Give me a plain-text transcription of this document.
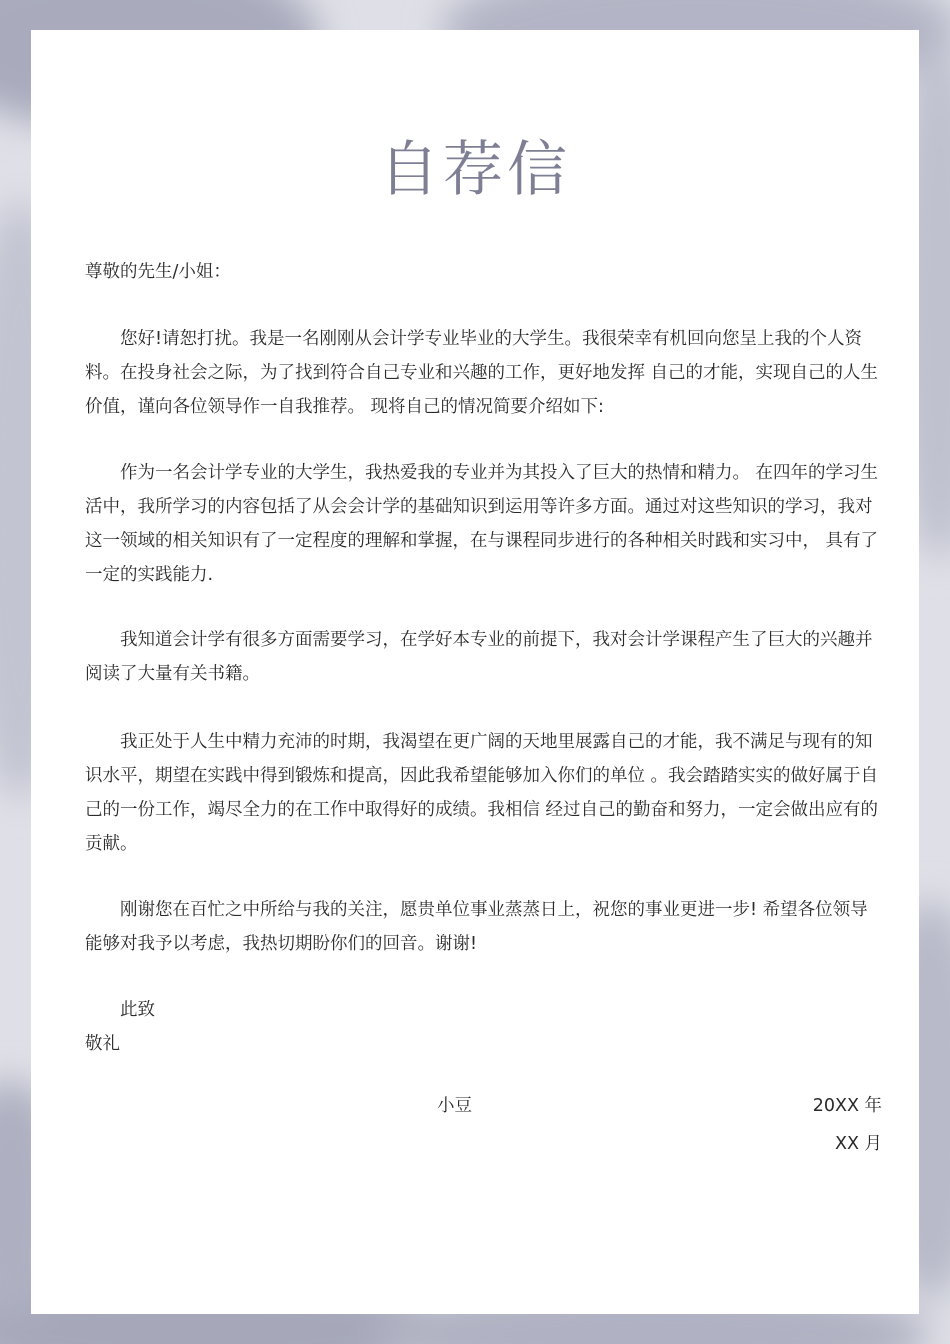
自荐信
尊敬的先生/小姐：

您好!请恕打扰。我是一名刚刚从会计学专业毕业的大学生。我很荣幸有机回向您呈上我的个人资料。在投身社会之际，为了找到符合自己专业和兴趣的工作，更好地发挥 自己的才能，实现自己的人生价值，谨向各位领导作一自我推荐。 现将自己的情况简要介绍如下:

作为一名会计学专业的大学生，我热爱我的专业并为其投入了巨大的热情和精力。 在四年的学习生活中，我所学习的内容包括了从会会计学的基础知识到运用等许多方面。通过对这些知识的学习，我对这一领域的相关知识有了一定程度的理解和掌握，在与课程同步进行的各种相关时践和实习中， 具有了一定的实践能力.

我知道会计学有很多方面需要学习，在学好本专业的前提下，我对会计学课程产生了巨大的兴趣并阅读了大量有关书籍。

我正处于人生中精力充沛的时期，我渴望在更广阔的天地里展露自己的才能，我不满足与现有的知识水平，期望在实践中得到锻炼和提高，因此我希望能够加入你们的单位 。我会踏踏实实的做好属于自己的一份工作，竭尽全力的在工作中取得好的成绩。我相信 经过自己的勤奋和努力，一定会做出应有的贡献。

刚谢您在百忙之中所给与我的关注，愿贵单位事业蒸蒸日上，祝您的事业更进一步! 希望各位领导能够对我予以考虑，我热切期盼你们的回音。谢谢!

此致
敬礼
小豆	20XX 年
XX 月
